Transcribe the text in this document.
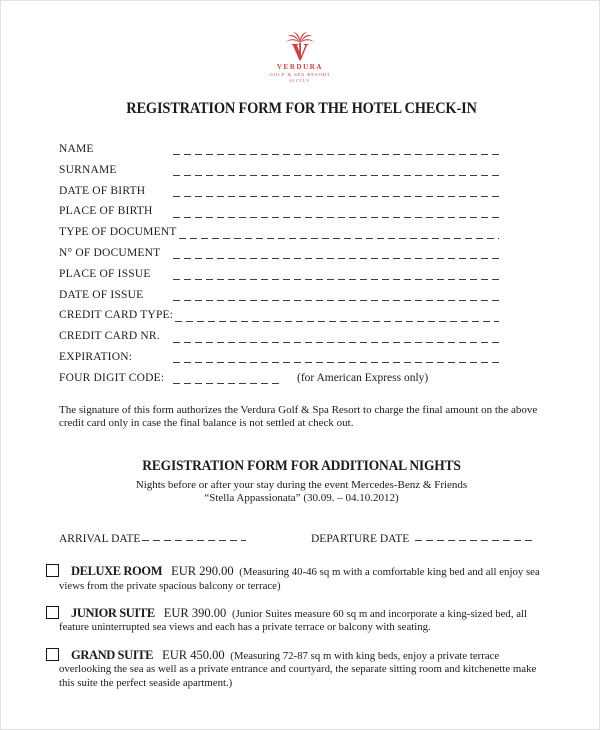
V
VERDURA
GOLF & SPA RESORT
SICILY
REGISTRATION FORM FOR THE HOTEL CHECK-IN
NAME
SURNAME
DATE OF BIRTH
PLACE OF BIRTH
TYPE OF DOCUMENT
N° OF DOCUMENT
PLACE OF ISSUE
DATE OF ISSUE
CREDIT CARD TYPE:
CREDIT CARD NR.
EXPIRATION:
FOUR DIGIT CODE:	(for American Express only)

The signature of this form authorizes the Verdura Golf & Spa Resort to charge the final amount on the above credit card only in case the final balance is not settled at check out.

REGISTRATION FORM FOR ADDITIONAL NIGHTS
Nights before or after your stay during the event Mercedes-Benz & Friends
“Stella Appassionata” (30.09. – 04.10.2012)
ARRIVAL DATE	DEPARTURE DATE

DELUXE ROOM EUR 290.00 (Measuring 40-46 sq m with a comfortable king bed and all enjoy sea views from the private spacious balcony or terrace)

JUNIOR SUITE EUR 390.00 (Junior Suites measure 60 sq m and incorporate a king-sized bed, all feature uninterrupted sea views and each has a private terrace or balcony with seating.

GRAND SUITE EUR 450.00 (Measuring 72-87 sq m with king beds, enjoy a private terrace overlooking the sea as well as a private entrance and courtyard, the separate sitting room and kitchenette make this suite the perfect seaside apartment.)
